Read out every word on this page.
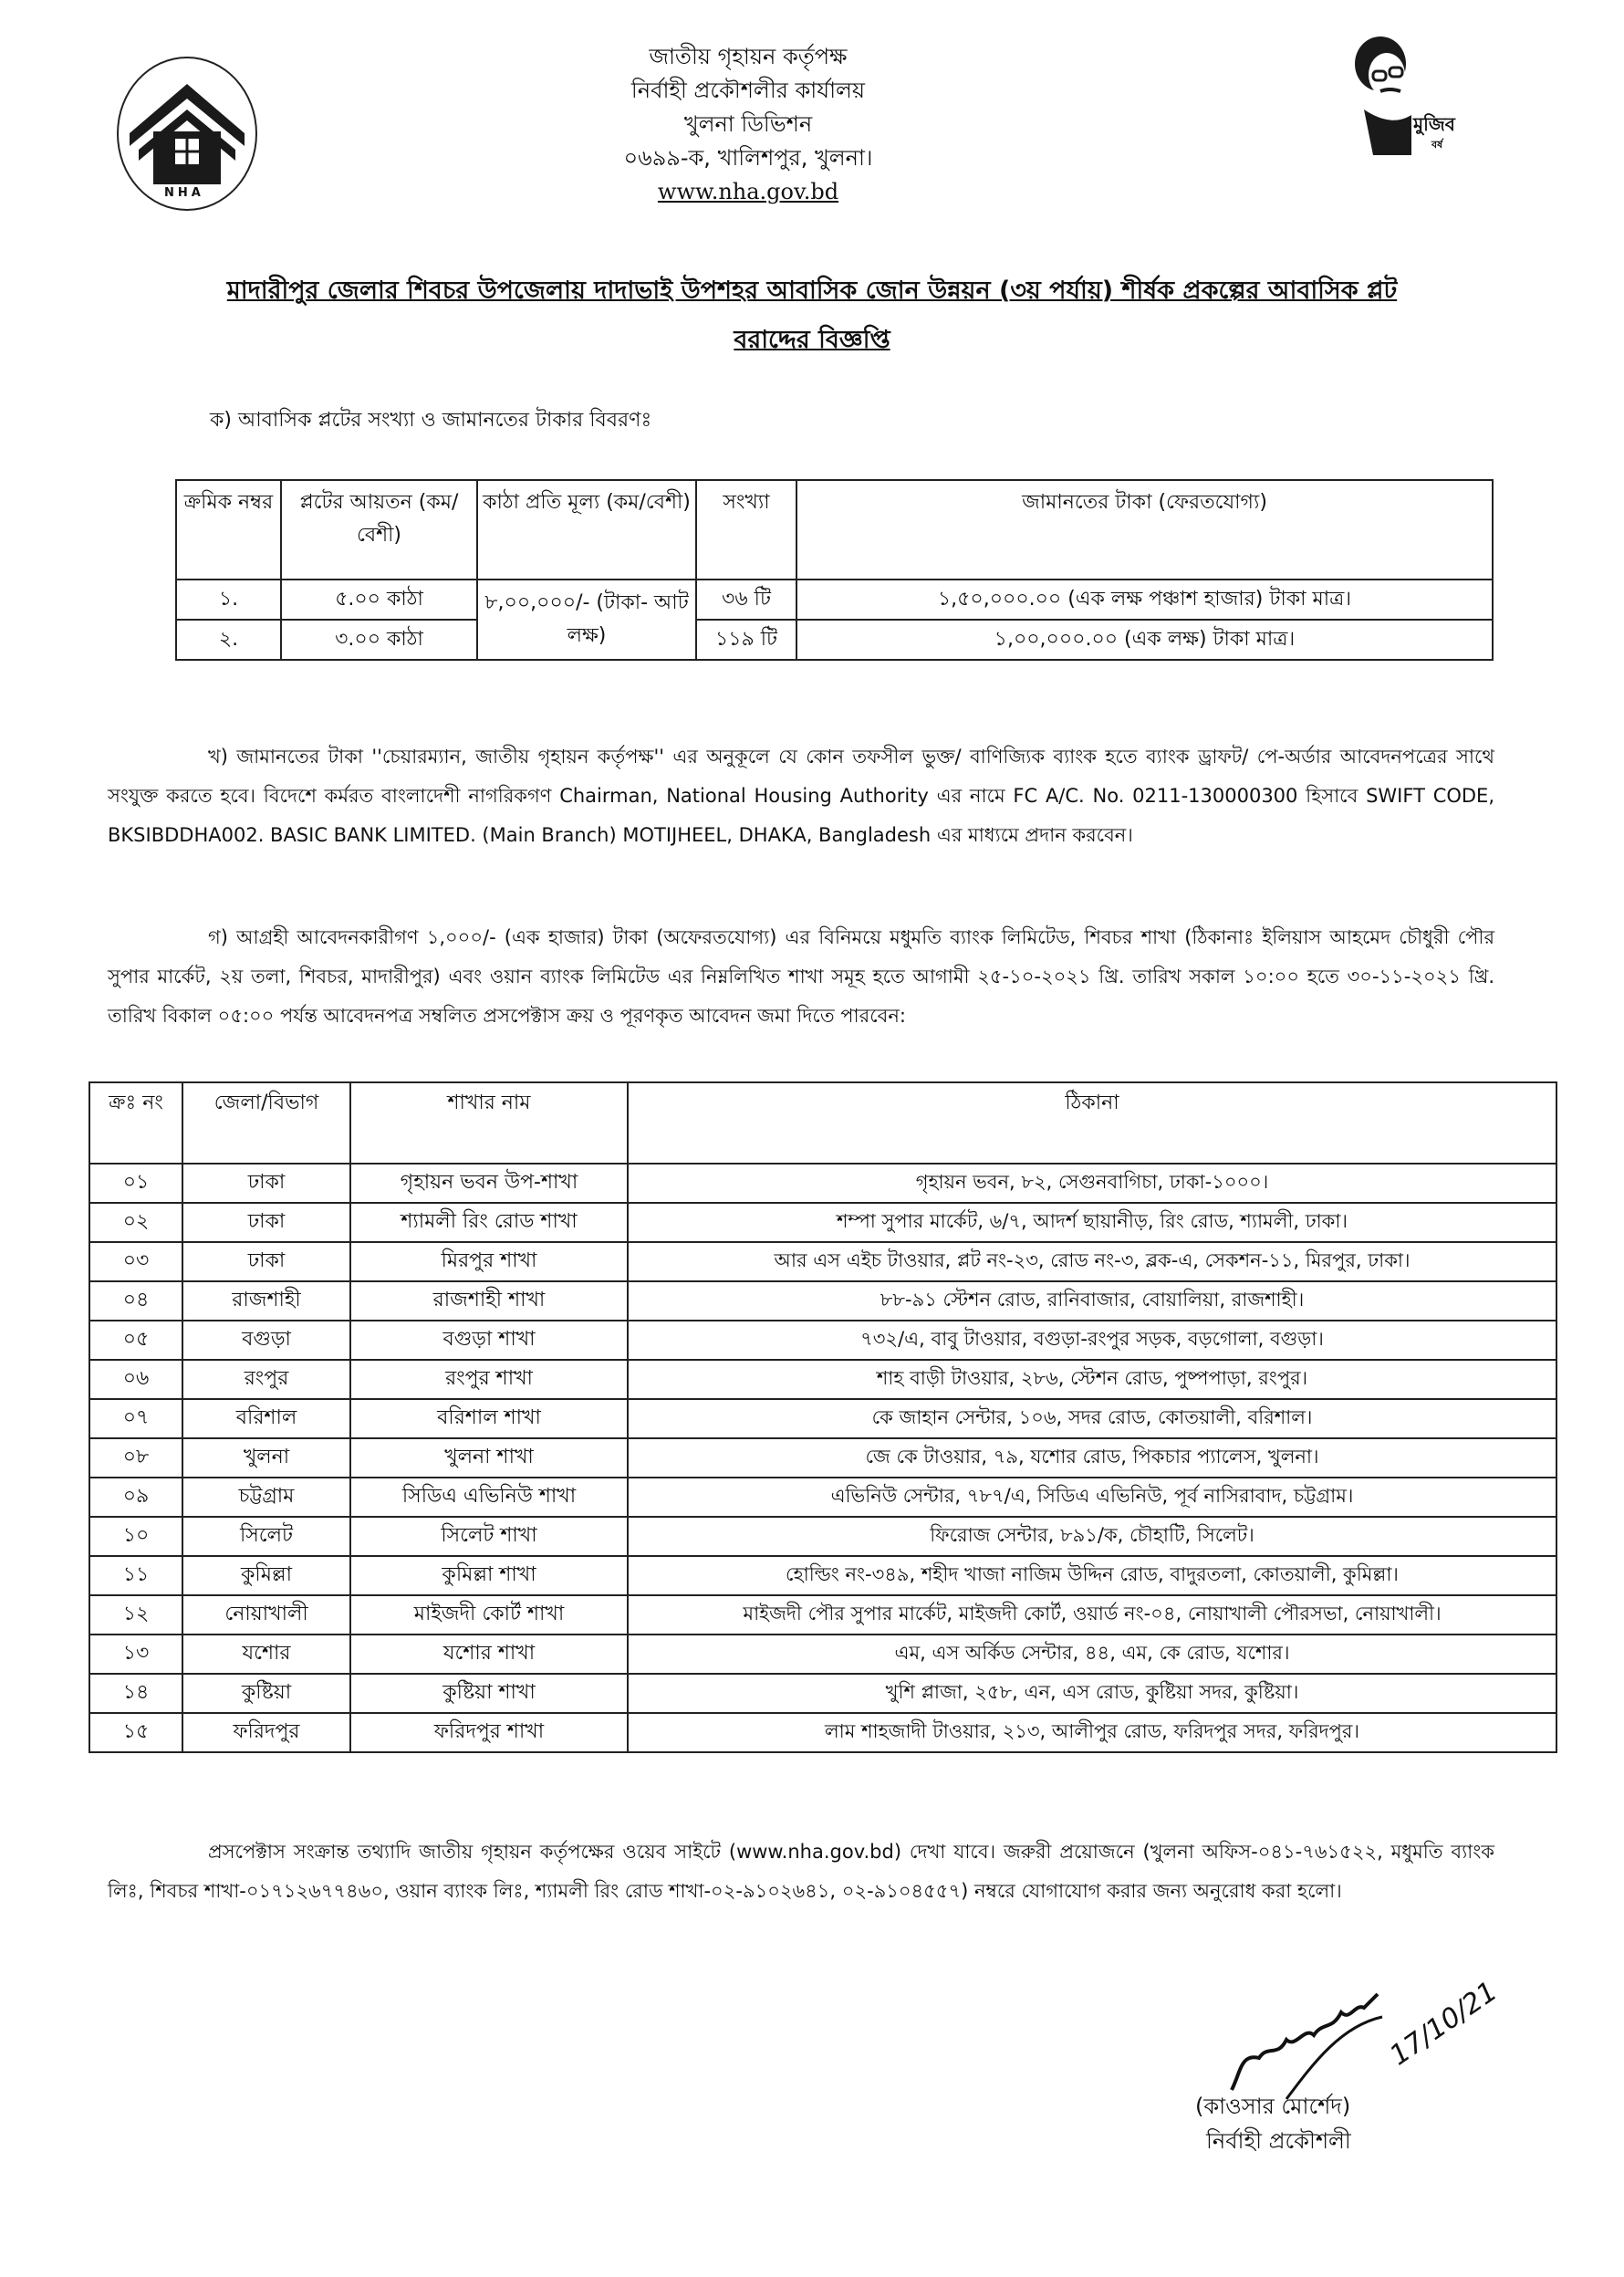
NHA
জাতীয় গৃহায়ন কর্তৃপক্ষ
নির্বাহী প্রকৌশলীর কার্যালয়
খুলনা ডিভিশন
০৬৯৯-ক, খালিশপুর, খুলনা।
www.nha.gov.bd
মুজিব
বর্ষ
মাদারীপুর জেলার শিবচর উপজেলায় দাদাভাই উপশহর আবাসিক জোন উন্নয়ন (৩য় পর্যায়) শীর্ষক প্রকল্পের আবাসিক প্লট
বরাদ্দের বিজ্ঞপ্তি
ক) আবাসিক প্লটের সংখ্যা ও জামানতের টাকার বিবরণঃ
ক্রমিক নম্বর	প্লটের আয়তন (কম/বেশী)	কাঠা প্রতি মূল্য (কম/বেশী)	সংখ্যা	জামানতের টাকা (ফেরতযোগ্য)
১.	৫.০০ কাঠা	৮,০০,০০০/- (টাকা- আট লক্ষ)	৩৬ টি	১,৫০,০০০.০০ (এক লক্ষ পঞ্চাশ হাজার) টাকা মাত্র।
২.	৩.০০ কাঠা		১১৯ টি	১,০০,০০০.০০ (এক লক্ষ) টাকা মাত্র।
খ) জামানতের টাকা ''চেয়ারম্যান, জাতীয় গৃহায়ন কর্তৃপক্ষ'' এর অনুকূলে যে কোন তফসীল ভুক্ত/ বাণিজ্যিক ব্যাংক হতে ব্যাংক ড্রাফট/ পে-অর্ডার আবেদনপত্রের সাথে সংযুক্ত করতে হবে। বিদেশে কর্মরত বাংলাদেশী নাগরিকগণ Chairman, National Housing Authority এর নামে FC A/C. No. 0211-130000300 হিসাবে SWIFT CODE, BKSIBDDHA002. BASIC BANK LIMITED. (Main Branch) MOTIJHEEL, DHAKA, Bangladesh এর মাধ্যমে প্রদান করবেন।
গ) আগ্রহী আবেদনকারীগণ ১,০০০/- (এক হাজার) টাকা (অফেরতযোগ্য) এর বিনিময়ে মধুমতি ব্যাংক লিমিটেড, শিবচর শাখা (ঠিকানাঃ ইলিয়াস আহমেদ চৌধুরী পৌর সুপার মার্কেট, ২য় তলা, শিবচর, মাদারীপুর) এবং ওয়ান ব্যাংক লিমিটেড এর নিম্নলিখিত শাখা সমূহ হতে আগামী ২৫-১০-২০২১ খ্রি. তারিখ সকাল ১০:০০ হতে ৩০-১১-২০২১ খ্রি. তারিখ বিকাল ০৫:০০ পর্যন্ত আবেদনপত্র সম্বলিত প্রসপেক্টাস ক্রয় ও পূরণকৃত আবেদন জমা দিতে পারবেন:
ক্রঃ নং	জেলা/বিভাগ	শাখার নাম	ঠিকানা
০১	ঢাকা	গৃহায়ন ভবন উপ-শাখা	গৃহায়ন ভবন, ৮২, সেগুনবাগিচা, ঢাকা-১০০০।
০২	ঢাকা	শ্যামলী রিং রোড শাখা	শম্পা সুপার মার্কেট, ৬/৭, আদর্শ ছায়ানীড়, রিং রোড, শ্যামলী, ঢাকা।
০৩	ঢাকা	মিরপুর শাখা	আর এস এইচ টাওয়ার, প্লট নং-২৩, রোড নং-৩, ব্লক-এ, সেকশন-১১, মিরপুর, ঢাকা।
০৪	রাজশাহী	রাজশাহী শাখা	৮৮-৯১ স্টেশন রোড, রানিবাজার, বোয়ালিয়া, রাজশাহী।
০৫	বগুড়া	বগুড়া শাখা	৭৩২/এ, বাবু টাওয়ার, বগুড়া-রংপুর সড়ক, বড়গোলা, বগুড়া।
০৬	রংপুর	রংপুর শাখা	শাহ বাড়ী টাওয়ার, ২৮৬, স্টেশন রোড, পুষ্পপাড়া, রংপুর।
০৭	বরিশাল	বরিশাল শাখা	কে জাহান সেন্টার, ১০৬, সদর রোড, কোতয়ালী, বরিশাল।
০৮	খুলনা	খুলনা শাখা	জে কে টাওয়ার, ৭৯, যশোর রোড, পিকচার প্যালেস, খুলনা।
০৯	চট্টগ্রাম	সিডিএ এভিনিউ শাখা	এভিনিউ সেন্টার, ৭৮৭/এ, সিডিএ এভিনিউ, পূর্ব নাসিরাবাদ, চট্টগ্রাম।
১০	সিলেট	সিলেট শাখা	ফিরোজ সেন্টার, ৮৯১/ক, চৌহাটি, সিলেট।
১১	কুমিল্লা	কুমিল্লা শাখা	হোল্ডিং নং-৩৪৯, শহীদ খাজা নাজিম উদ্দিন রোড, বাদুরতলা, কোতয়ালী, কুমিল্লা।
১২	নোয়াখালী	মাইজদী কোর্ট শাখা	মাইজদী পৌর সুপার মার্কেট, মাইজদী কোর্ট, ওয়ার্ড নং-০৪, নোয়াখালী পৌরসভা, নোয়াখালী।
১৩	যশোর	যশোর শাখা	এম, এস অর্কিড সেন্টার, ৪৪, এম, কে রোড, যশোর।
১৪	কুষ্টিয়া	কুষ্টিয়া শাখা	খুশি প্লাজা, ২৫৮, এন, এস রোড, কুষ্টিয়া সদর, কুষ্টিয়া।
১৫	ফরিদপুর	ফরিদপুর শাখা	লাম শাহজাদী টাওয়ার, ২১৩, আলীপুর রোড, ফরিদপুর সদর, ফরিদপুর।
প্রসপেক্টাস সংক্রান্ত তথ্যাদি জাতীয় গৃহায়ন কর্তৃপক্ষের ওয়েব সাইটে (www.nha.gov.bd) দেখা যাবে। জরুরী প্রয়োজনে (খুলনা অফিস-০৪১-৭৬১৫২২, মধুমতি ব্যাংক লিঃ, শিবচর শাখা-০১৭১২৬৭৭৪৬০, ওয়ান ব্যাংক লিঃ, শ্যামলী রিং রোড শাখা-০২-৯১০২৬৪১, ০২-৯১০৪৫৫৭) নম্বরে যোগাযোগ করার জন্য অনুরোধ করা হলো।
17/10/21
(কাওসার মোর্শেদ)
নির্বাহী প্রকৌশলী
